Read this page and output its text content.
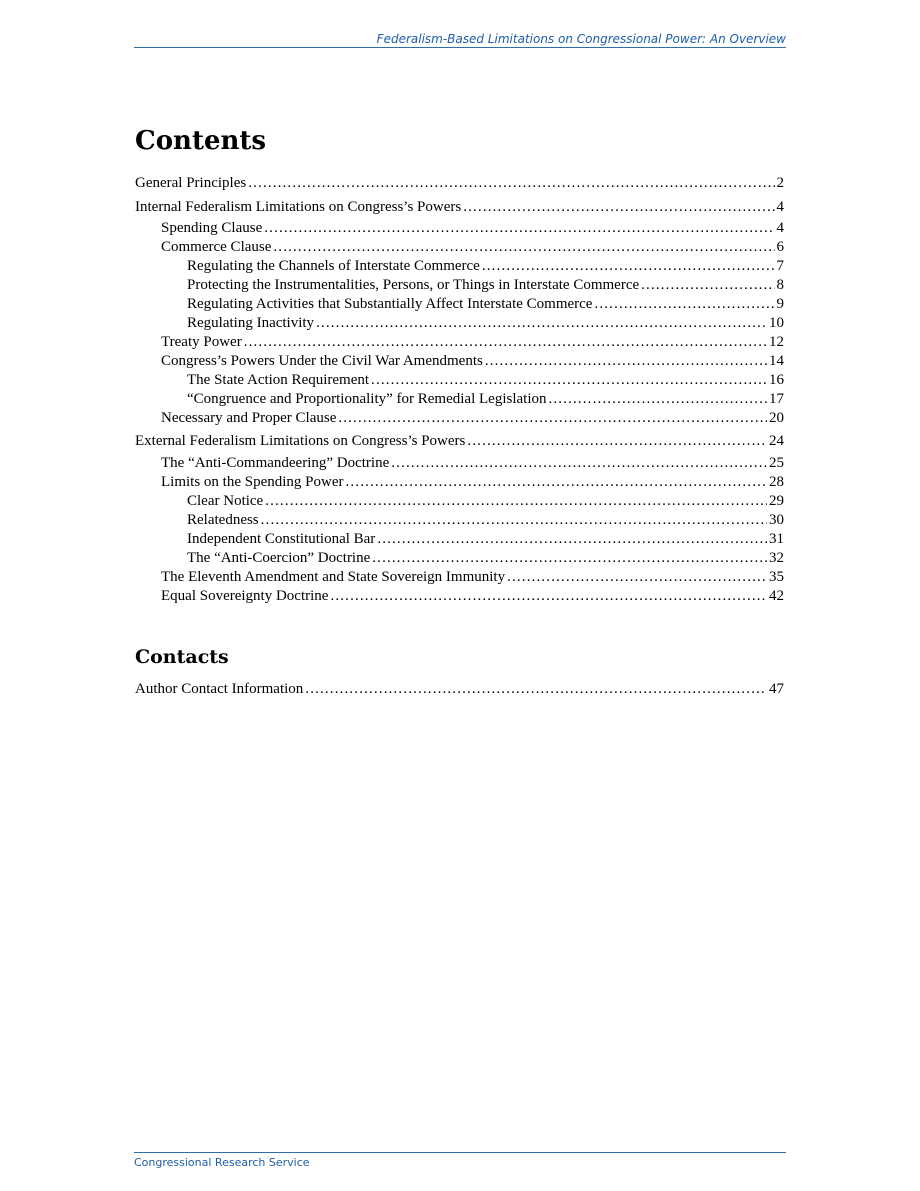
Federalism-Based Limitations on Congressional Power: An Overview
Contents
General Principles . . .	2
Internal Federalism Limitations on Congress’s Powers . . .	4
Spending Clause . . .	4
Commerce Clause . . .	6
Regulating the Channels of Interstate Commerce . . .	7
Protecting the Instrumentalities, Persons, or Things in Interstate Commerce . . .	8
Regulating Activities that Substantially Affect Interstate Commerce . . .	9
Regulating Inactivity . . .	10
Treaty Power . . .	12
Congress’s Powers Under the Civil War Amendments . . .	14
The State Action Requirement . . .	16
“Congruence and Proportionality” for Remedial Legislation . . .	17
Necessary and Proper Clause . . .	20
External Federalism Limitations on Congress’s Powers . . .	24
The “Anti-Commandeering” Doctrine . . .	25
Limits on the Spending Power . . .	28
Clear Notice . . .	29
Relatedness . . .	30
Independent Constitutional Bar . . .	31
The “Anti-Coercion” Doctrine . . .	32
The Eleventh Amendment and State Sovereign Immunity . . .	35
Equal Sovereignty Doctrine . . .	42
Contacts
Author Contact Information . . .	47
Congressional Research Service
